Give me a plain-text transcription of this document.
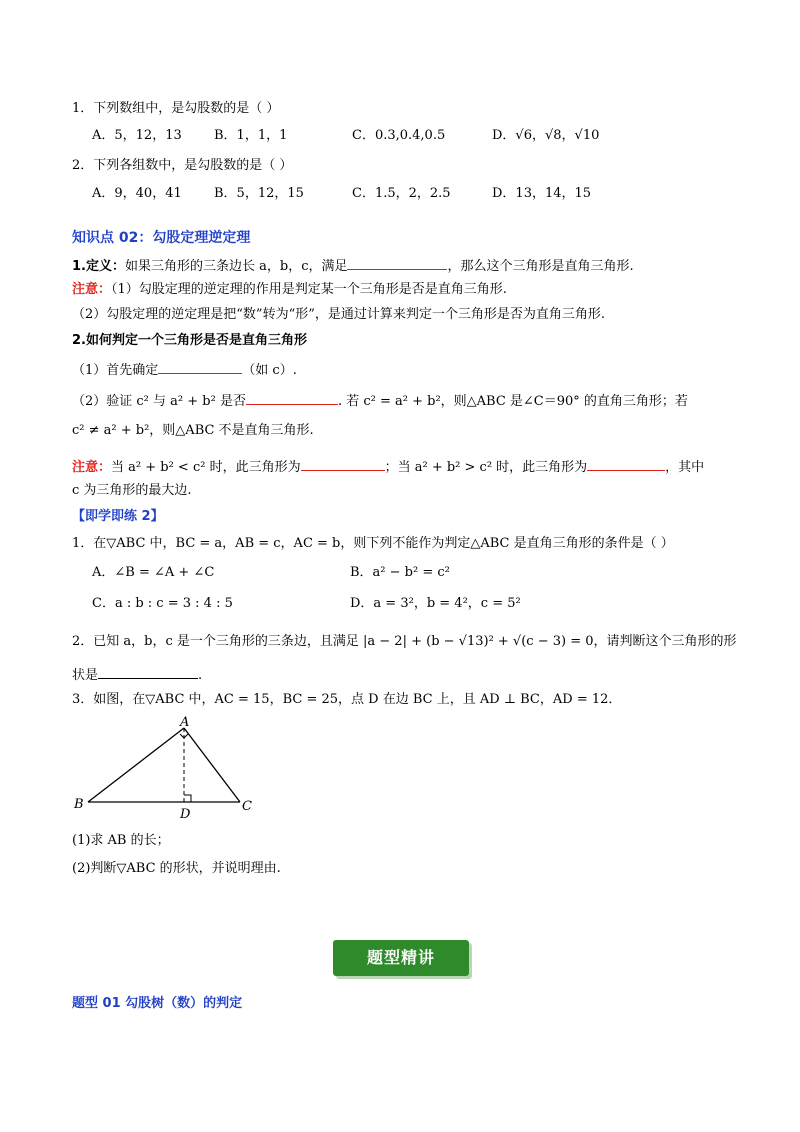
1．下列数组中，是勾股数的是（ ）
A．5，12，13 B．1，1，1	C．0.3,0.4,0.5	D．√6，√8，√10
2．下列各组数中，是勾股数的是（ ）
A．9，40，41 B．5，12，15	C．1.5，2，2.5	D．13，14，15
知识点 02：勾股定理逆定理
1.定义：如果三角形的三条边长 a，b，c，满足	，那么这个三角形是直角三角形.
注意：（1）勾股定理的逆定理的作用是判定某一个三角形是否是直角三角形.
（2）勾股定理的逆定理是把“数”转为“形”，是通过计算来判定一个三角形是否为直角三角形.
2.如何判定一个三角形是否是直角三角形
（1）首先确定	（如 c）.
（2）验证 c² 与 a² + b² 是否	. 若 c² = a² + b²，则△ABC 是∠C＝90° 的直角三角形；若
c² ≠ a² + b²，则△ABC 不是直角三角形.
注意：当 a² + b² < c² 时，此三角形为	；当 a² + b² > c² 时，此三角形为	，其中
c 为三角形的最大边.
【即学即练 2】
1．在▽ABC 中，BC = a，AB = c，AC = b，则下列不能作为判定△ABC 是直角三角形的条件是（ ）
A．∠B = ∠A + ∠C	B．a² − b² = c²
C．a : b : c = 3 : 4 : 5	D．a = 3²，b = 4²，c = 5²
2．已知 a，b，c 是一个三角形的三条边，且满足 |a − 2| + (b − √13)² + √(c − 3) = 0，请判断这个三角形的形
状是	.
3．如图，在▽ABC 中，AC = 15，BC = 25，点 D 在边 BC 上，且 AD ⊥ BC，AD = 12．
A
B	C
D
(1)求 AB 的长；
(2)判断▽ABC 的形状，并说明理由.
题型精讲
题型 01 勾股树（数）的判定
